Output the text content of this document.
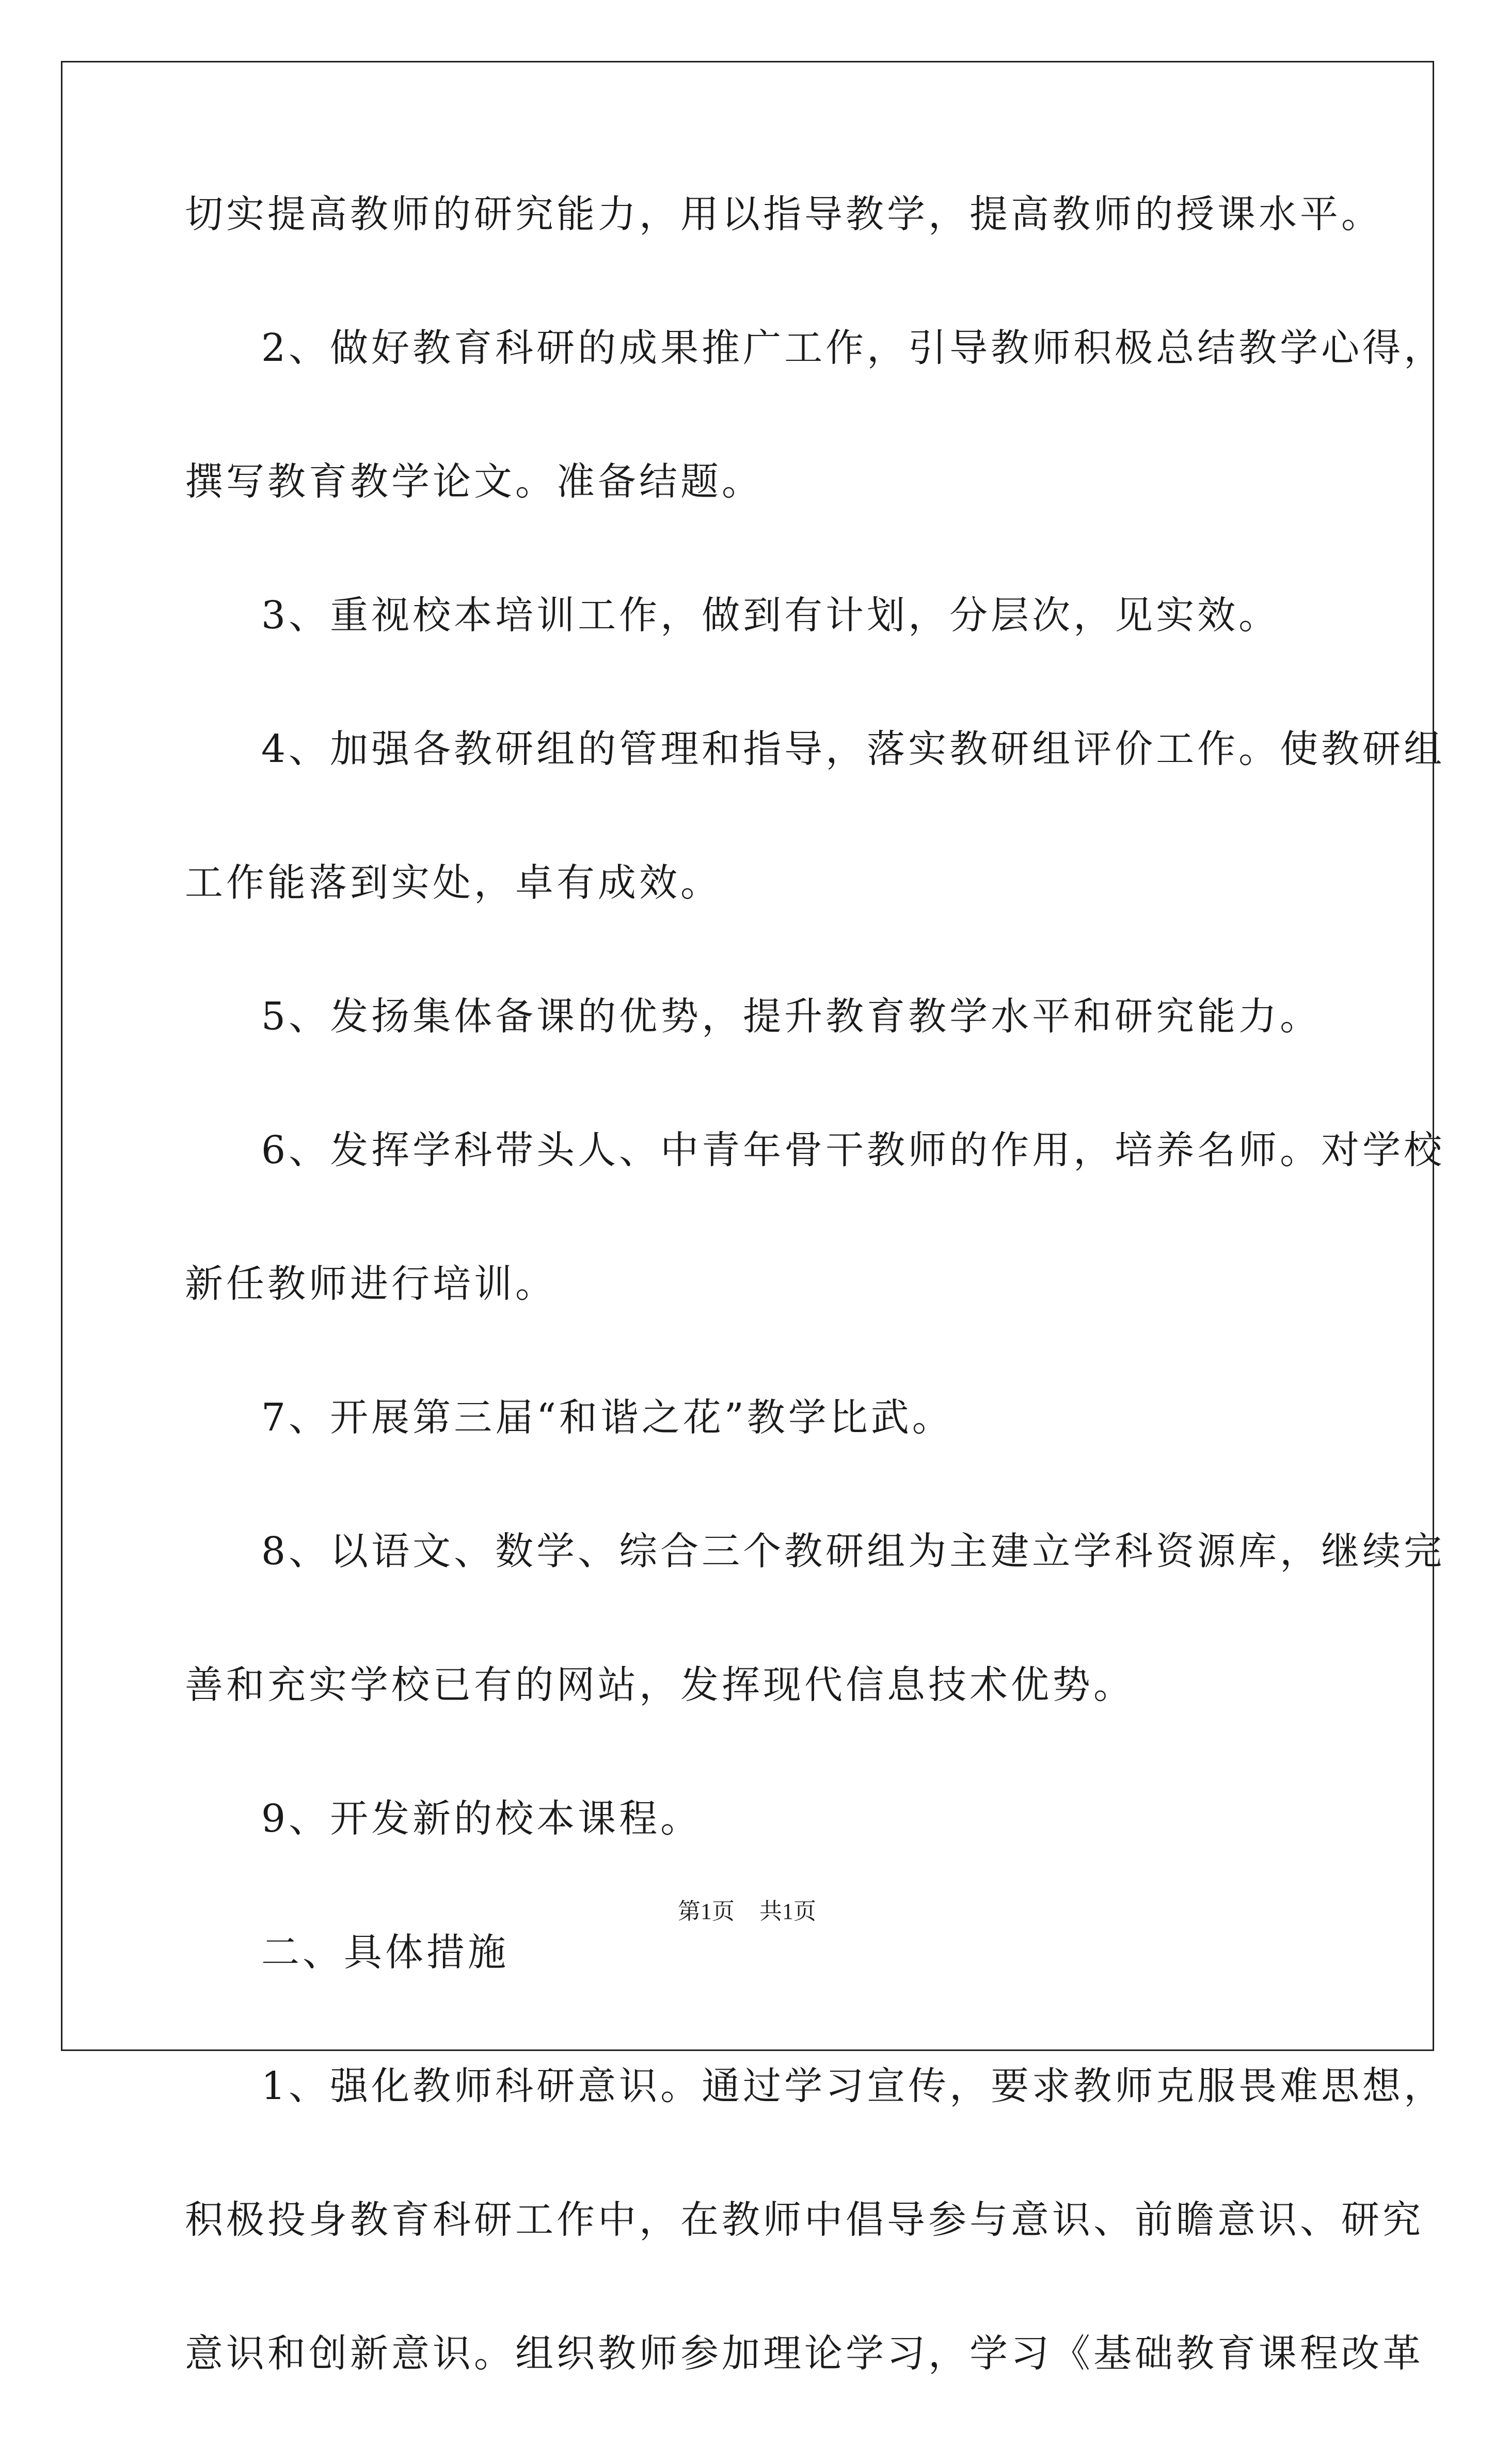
切实提高教师的研究能力，用以指导教学，提高教师的授课水平。
2、做好教育科研的成果推广工作，引导教师积极总结教学心得，
撰写教育教学论文。准备结题。
3、重视校本培训工作，做到有计划，分层次，见实效。
4、加强各教研组的管理和指导，落实教研组评价工作。使教研组
工作能落到实处，卓有成效。
5、发扬集体备课的优势，提升教育教学水平和研究能力。
6、发挥学科带头人、中青年骨干教师的作用，培养名师。对学校
新任教师进行培训。
7、开展第三届“和谐之花”教学比武。
8、以语文、数学、综合三个教研组为主建立学科资源库，继续完
善和充实学校已有的网站，发挥现代信息技术优势。
9、开发新的校本课程。
二、具体措施
1、强化教师科研意识。通过学习宣传，要求教师克服畏难思想，
积极投身教育科研工作中，在教师中倡导参与意识、前瞻意识、研究
意识和创新意识。组织教师参加理论学习，学习《基础教育课程改革
第1页 共1页
